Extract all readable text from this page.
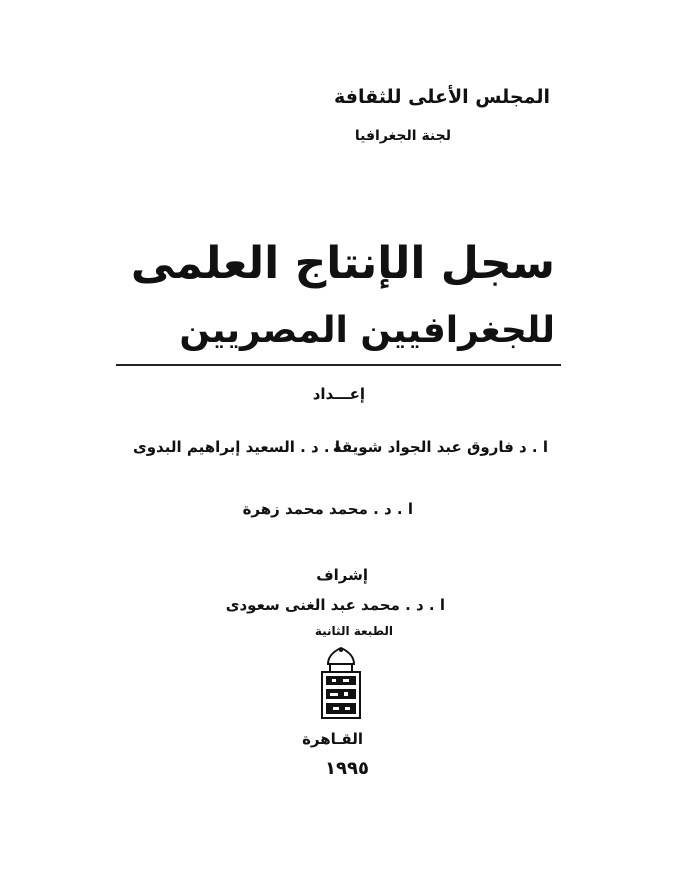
المجلس الأعلى للثقافة
لجنة الجغرافيا
سجل الإنتاج العلمى
للجغرافيين المصريين
إعـــداد
ا . د . السعيد إبراهيم البدوى
ا . د فاروق عبد الجواد شويقة
ا . د . محمد محمد زهرة
إشراف
ا . د . محمد عبد الغنى سعودى
الطبعة الثانية
القـاهرة
١٩٩٥
